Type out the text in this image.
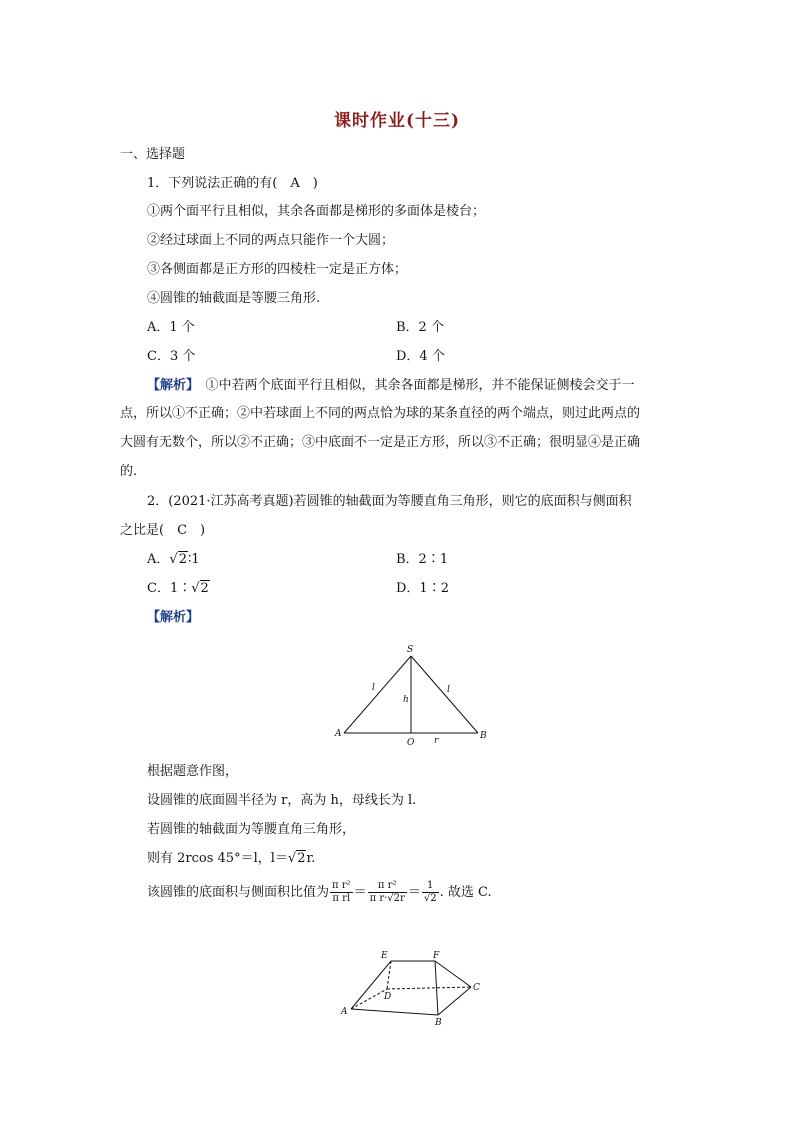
课时作业(十三)
一、选择题
1．下列说法正确的有(　A　)
①两个面平行且相似，其余各面都是梯形的多面体是棱台；
②经过球面上不同的两点只能作一个大圆；
③各侧面都是正方形的四棱柱一定是正方体；
④圆锥的轴截面是等腰三角形.
A．1 个	B．2 个
C．3 个	D．4 个
【解析】　①中若两个底面平行且相似，其余各面都是梯形，并不能保证侧棱会交于一
点，所以①不正确；②中若球面上不同的两点恰为球的某条直径的两个端点，则过此两点的
大圆有无数个，所以②不正确；③中底面不一定是正方形，所以③不正确；很明显④是正确
的.
2．(2021·江苏高考真题)若圆锥的轴截面为等腰直角三角形，则它的底面积与侧面积
之比是(　C　)
A．√2∶1	B．2∶1
C．1∶√2	D．1∶2
【解析】
S
A	B
O
h
l	l
r
根据题意作图，
设圆锥的底面圆半径为 r，高为 h，母线长为 l.
若圆锥的轴截面为等腰直角三角形，
则有 2rcos 45°＝l，l＝√2r.
该圆锥的底面积与侧面积比值为 $\frac{\text{π r²}}{\text{π rl}} = \frac{\text{π r²}}{\text{π r·√2r}} = \frac{1}{√2}$ . 故选 C.
E	F
C
D
A
B
